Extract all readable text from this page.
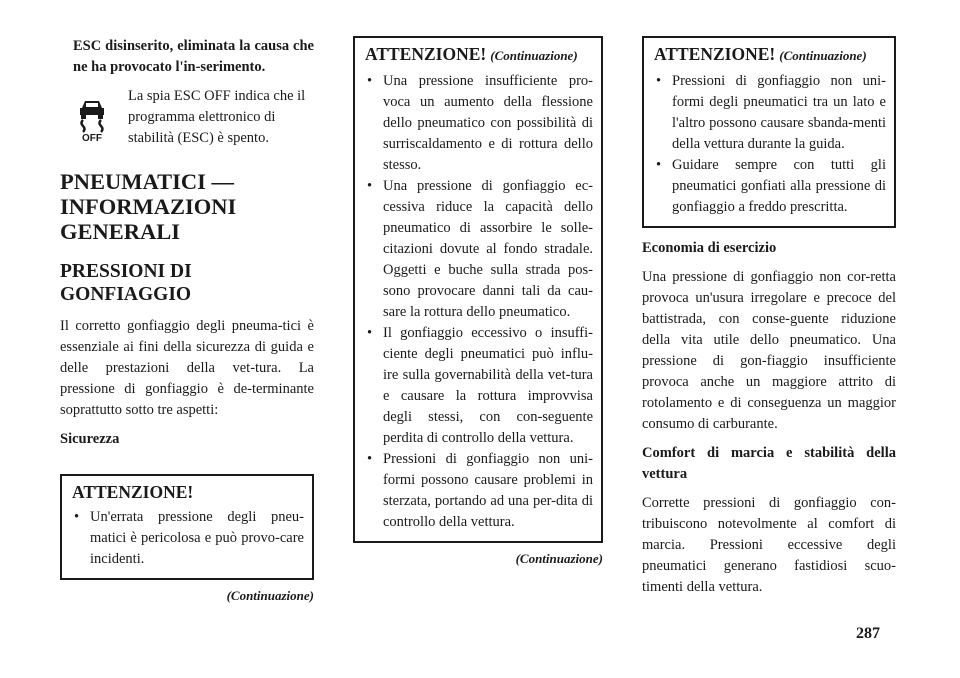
ESC disinserito, eliminata la causa che ne ha provocato l'in-serimento.

OFF

La spia ESC OFF indica che il programma elettronico di stabilità (ESC) è spento.

PNEUMATICI — INFORMAZIONI GENERALI
PRESSIONI DI GONFIAGGIO

Il corretto gonfiaggio degli pneuma-tici è essenziale ai fini della sicurezza di guida e delle prestazioni della vet-tura. La pressione di gonfiaggio è de-terminante soprattutto sotto tre aspetti:

Sicurezza

ATTENZIONE!
• Un'errata pressione degli pneu-matici è pericolosa e può provo-care incidenti.
(Continuazione)
ATTENZIONE! (Continuazione)
• Una pressione insufficiente pro-voca un aumento della flessione dello pneumatico con possibilità di surriscaldamento e di rottura dello stesso.
• Una pressione di gonfiaggio ec-cessiva riduce la capacità dello pneumatico di assorbire le solle-citazioni dovute al fondo stradale. Oggetti e buche sulla strada pos-sono provocare danni tali da cau-sare la rottura dello pneumatico.
• Il gonfiaggio eccessivo o insuffi-ciente degli pneumatici può influ-ire sulla governabilità della vet-tura e causare la rottura improvvisa degli stessi, con con-seguente perdita di controllo della vettura.
• Pressioni di gonfiaggio non uni-formi possono causare problemi in sterzata, portando ad una per-dita di controllo della vettura.
(Continuazione)
ATTENZIONE! (Continuazione)
• Pressioni di gonfiaggio non uni-formi degli pneumatici tra un lato e l'altro possono causare sbanda-menti della vettura durante la guida.
• Guidare sempre con tutti gli pneumatici gonfiati alla pressione di gonfiaggio a freddo prescritta.

Economia di esercizio

Una pressione di gonfiaggio non cor-retta provoca un'usura irregolare e precoce del battistrada, con conse-guente riduzione della vita utile dello pneumatico. Una pressione di gon-fiaggio insufficiente provoca anche un maggiore attrito di rotolamento e di conseguenza un maggior consumo di carburante.

Comfort di marcia e stabilità della vettura

Corrette pressioni di gonfiaggio con-tribuiscono notevolmente al comfort di marcia. Pressioni eccessive degli pneumatici generano fastidiosi scuo-timenti della vettura.

287
